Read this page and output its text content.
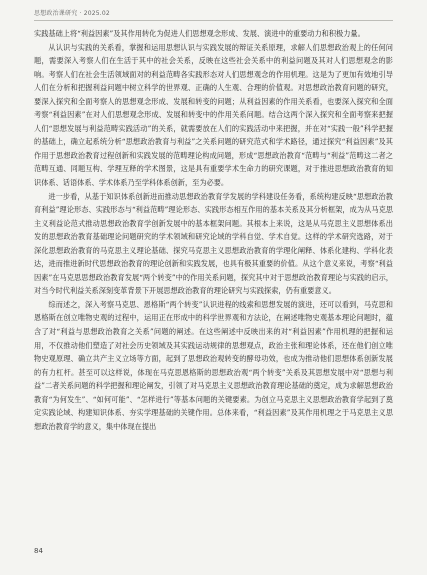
思想政治课研究 · 2025.02

实践基础上将“利益因素”及其作用转化为促进人们思想观念形成、发展、演进中的重要动力和积极力量。

从认识与实践的关系看，掌握和运用思想认识与实践发展的辩证关系原理，求解人们思想政治观上的任何问题，需要深入考察人们在生活于其中的社会关系，反映在这些社会关系中的利益问题及其对人们思想观念的影响。考察人们在社会生活领域面对的利益范畴各实践形态对人们思想观念的作用机理。这是为了更加有效地引导人们在分析和把握利益问题中树立科学的世界观、正确的人生观、合理的价值观。对思想政治教育问题的研究，要深入探究和全面考察人的思想观念形成、发展和转变的问题；从利益因素的作用关系看，也要深入探究和全面考察“利益因素”在对人们思想观念形成、发展和转变中的作用关系问题。结合这两个深入探究和全面考察来把握人们“思想发展与利益范畴实践活动”的关系，就需要放在人们的实践活动中来把握，并在对“实践一般”科学把握的基础上，确立起系统分析“思想政治教育与利益”之关系问题的研究范式和学术路径，通过探究“利益因素”及其作用于思想政治教育过程创新和实践发展的范畴理论构成问题，形成“思想政治教育“范畴与“利益”范畴这二者之范畴互通、同题互构、学理互释的学术图景，这是具有重要学术生命力的研究课题，对于推进思想政治教育的知识体系、话语体系、学术体系乃至学科体系创新，至为必要。

进一步看，从基于知识体系创新进而推动思想政治教育学发展的学科建设任务看，系统构建反映“思想政治教育利益”理论形态、实践形态与“利益范畴”理论形态、实践形态相互作用的基本关系及其分析框架，成为从马克思主义利益论范式推动思想政治教育学创新发展中的基本框架问题。其根本上来说，这是从马克思主义思想体系出发的思想政治教育基础理论问题研究的学术领域和研究论域的学科自觉、学术自觉。这样的学术研究选路，对于深化思想政治教育的马克思主义理论基础、探究马克思主义思想政治教育的学理化阐释、体系化建构、学科化表达，进而推进新时代思想政治教育的理论创新和实践发展，也具有极其重要的价值。从这个意义来说，考察“利益因素”在马克思思想政治教育发展“两个转变”中的作用关系问题，探究其中对于思想政治教育理论与实践的启示，对当今时代利益关系深刻变革背景下开展思想政治教育的理论研究与实践探索，仍有重要意义。

综而述之，深入考察马克思、恩格斯“两个转变”认识进程的线索和思想发展的演进，还可以看到，马克思和恩格斯在创立唯物史观的过程中，运用正在形成中的科学世界观和方法论，在阐述唯物史观基本理论问题时，蕴含了对“利益与思想政治教育之关系”问题的阐述。在这些阐述中反映出来的对“利益因素”作用机理的把握和运用，不仅推动他们塑造了对社会历史领域及其实践运动规律的思想观点，政治主张和理论体系，还在他们创立唯物史观原理、确立共产主义立场等方面，起到了思想政治观转变的酵母功效，也成为推动他们思想体系创新发展的有力杠杆。甚至可以这样说，体现在马克思恩格斯的思想政治观“两个转变”关系及其思想发展中对“思想与利益”二者关系问题的科学把握和理论阐发，引领了对马克思主义思想政治教育理论基础的奠定，成为求解思想政治教育“为何发生”、“如何可能”、“怎样进行”等基本问题的关键要素。为创立马克思主义思想政治教育学起到了奠定实践论域、构建知识体系、夯实学理基础的关键作用。总体来看，“利益因素”及其作用机理之于马克思主义思想政治教育学的意义，集中体现在提出

84
